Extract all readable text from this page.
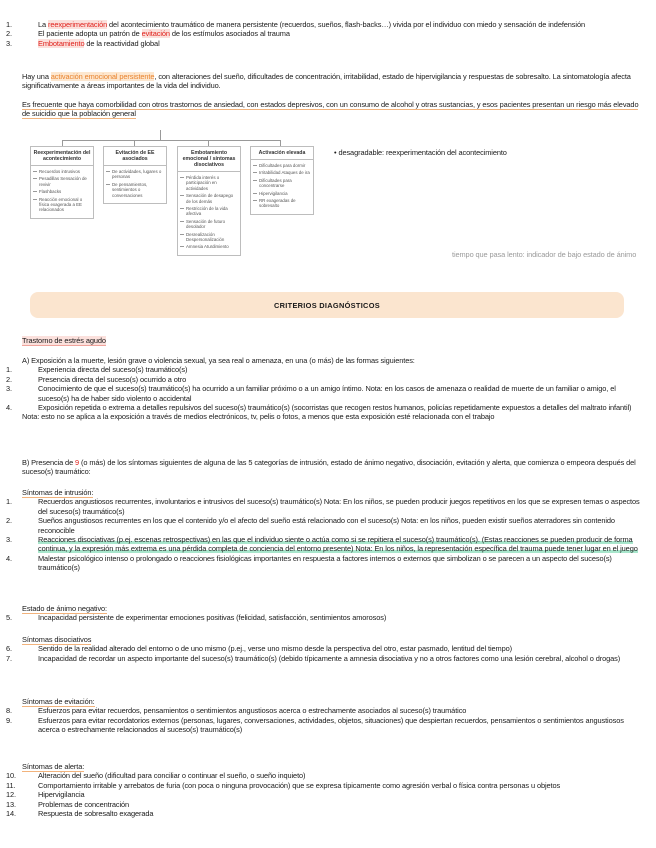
1.	La reexperimentación del acontecimiento traumático de manera persistente (recuerdos, sueños, flash-backs…) vivida por el individuo con miedo y sensación de indefensión
2.	El paciente adopta un patrón de evitación de los estímulos asociados al trauma
3.	Embotamiento de la reactividad global
Hay una activación emocional persistente, con alteraciones del sueño, dificultades de concentración, irritabilidad, estado de hipervigilancia y respuestas de sobresalto. La sintomatología afecta significativamente a áreas importantes de la vida del individuo.
Es frecuente que haya comorbilidad con otros trastornos de ansiedad, con estados depresivos, con un consumo de alcohol y otras sustancias, y esos pacientes presentan un riesgo más elevado de suicidio que la población general
Reexperimentación del acontecimiento
Recuerdos intrusivos
Pesadillas Sensación de revivir
Flashbacks
Reacción emocional o física exagerada a EE relacionados
Evitación de EE asociados
De actividades, lugares o personas
De pensamientos, sentimientos o conversaciones
Embotamiento emocional / síntomas disociativos
Pérdida interés o participación en actividades
Sensación de desapego de los demás
Restricción de la vida afectiva
Sensación de futuro desolador
Desrealización Despersonalización
Amnesia Aturdimiento
Activación elevada
Dificultades para dormir
Irritabilidad Ataques de ira
Dificultades para concentrarse
Hipervigilancia
RR exageradas de sobresalto
• desagradable: reexperimentación del acontecimiento
tiempo que pasa lento: indicador de bajo estado de ánimo
CRITERIOS DIAGNÓSTICOS
Trastorno de estrés agudo
A) Exposición a la muerte, lesión grave o violencia sexual, ya sea real o amenaza, en una (o más) de las formas siguientes:
1.	Experiencia directa del suceso(s) traumático(s)
2.	Presencia directa del suceso(s) ocurrido a otro
3.	Conocimiento de que el suceso(s) traumático(s) ha ocurrido a un familiar próximo o a un amigo íntimo. Nota: en los casos de amenaza o realidad de muerte de un familiar o amigo, el suceso(s) ha de haber sido violento o accidental
4.	Exposición repetida o extrema a detalles repulsivos del suceso(s) traumático(s) (socorristas que recogen restos humanos, policías repetidamente expuestos a detalles del maltrato infantil)
Nota: esto no se aplica a la exposición a través de medios electrónicos, tv, pelis o fotos, a menos que esta exposición esté relacionada con el trabajo
B) Presencia de 9 (o más) de los síntomas siguientes de alguna de las 5 categorías de intrusión, estado de ánimo negativo, disociación, evitación y alerta, que comienza o empeora después del suceso(s) traumático:
Síntomas de intrusión:
1.	Recuerdos angustiosos recurrentes, involuntarios e intrusivos del suceso(s) traumático(s) Nota: En los niños, se pueden producir juegos repetitivos en los que se expresen temas o aspectos del suceso(s) traumático(s)
2.	Sueños angustiosos recurrentes en los que el contenido y/o el afecto del sueño está relacionado con el suceso(s) Nota: en los niños, pueden existir sueños aterradores sin contenido reconocible
3.	Reacciones disociativas (p.ej. escenas retrospectivas) en las que el individuo siente o actúa como si se repitiera el suceso(s) traumático(s). (Estas reacciones se pueden producir de forma continua, y la expresión más extrema es una pérdida completa de conciencia del entorno presente) Nota: En los niños, la representación específica del trauma puede tener lugar en el juego
4.	Malestar psicológico intenso o prolongado o reacciones fisiológicas importantes en respuesta a factores internos o externos que simbolizan o se parecen a un aspecto del suceso(s) traumático(s)
Estado de ánimo negativo:
5.	Incapacidad persistente de experimentar emociones positivas (felicidad, satisfacción, sentimientos amorosos)
Síntomas disociativos
6.	Sentido de la realidad alterado del entorno o de uno mismo (p.ej., verse uno mismo desde la perspectiva del otro, estar pasmado, lentitud del tiempo)
7.	Incapacidad de recordar un aspecto importante del suceso(s) traumático(s) (debido típicamente a amnesia disociativa y no a otros factores como una lesión cerebral, alcohol o drogas)
Síntomas de evitación:
8.	Esfuerzos para evitar recuerdos, pensamientos o sentimientos angustiosos acerca o estrechamente asociados al suceso(s) traumático
9.	Esfuerzos para evitar recordatorios externos (personas, lugares, conversaciones, actividades, objetos, situaciones) que despiertan recuerdos, pensamientos o sentimientos angustiosos acerca o estrechamente relacionados al suceso(s) traumático(s)
Síntomas de alerta:
10.	Alteración del sueño (dificultad para conciliar o continuar el sueño, o sueño inquieto)
11.	Comportamiento irritable y arrebatos de furia (con poca o ninguna provocación) que se expresa típicamente como agresión verbal o física contra personas u objetos
12.	Hipervigilancia
13.	Problemas de concentración
14.	Respuesta de sobresalto exagerada
